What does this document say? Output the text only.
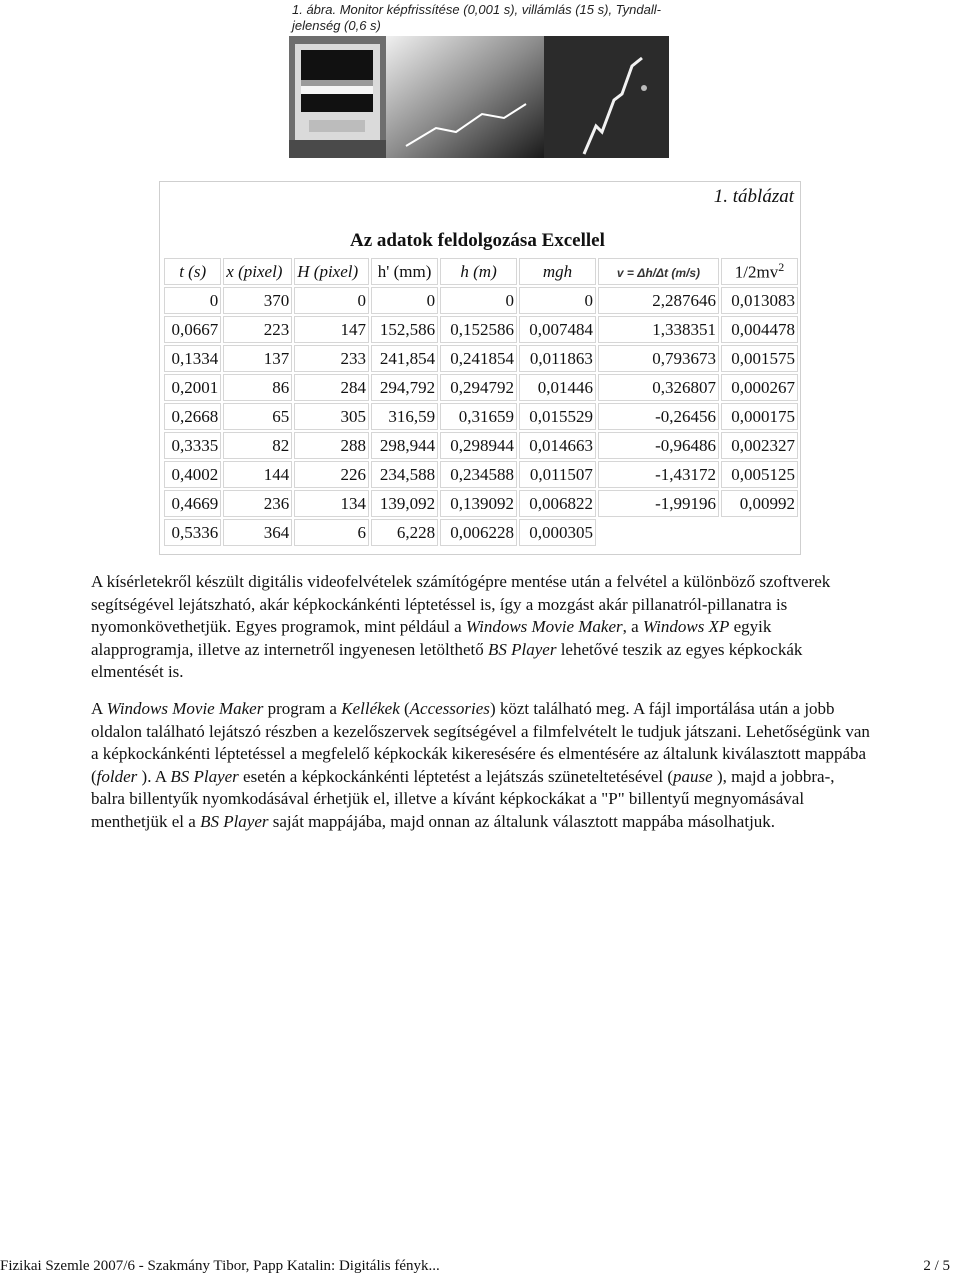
1. ábra. Monitor képfrissítése (0,001 s), villámlás (15 s), Tyndall-
jelenség (0,6 s)
1. táblázat
Az adatok feldolgozása Excellel
t (s)	x (pixel)	H (pixel)	h' (mm)	h (m)	mgh	v = Δh/Δt (m/s)	$1/2mv^2$
0	370	0	0	0	0	2,287646	0,013083
0,0667	223	147	152,586	0,152586	0,007484	1,338351	0,004478
0,1334	137	233	241,854	0,241854	0,011863	0,793673	0,001575
0,2001	86	284	294,792	0,294792	0,01446	0,326807	0,000267
0,2668	65	305	316,59	0,31659	0,015529	-0,26456	0,000175
0,3335	82	288	298,944	0,298944	0,014663	-0,96486	0,002327
0,4002	144	226	234,588	0,234588	0,011507	-1,43172	0,005125
0,4669	236	134	139,092	0,139092	0,006822	-1,99196	0,00992
0,5336	364	6	6,228	0,006228	0,000305		

A kísérletekről készült digitális videofelvételek számítógépre mentése után a felvétel a különböző szoftverek segítségével lejátszható, akár képkockánkénti léptetéssel is, így a mozgást akár pillanatról-pillanatra is nyomonkövethetjük. Egyes programok, mint például a Windows Movie Maker, a Windows XP egyik alapprogramja, illetve az internetről ingyenesen letölthető BS Player lehetővé teszik az egyes képkockák elmentését is.

A Windows Movie Maker program a Kellékek (Accessories) közt található meg. A fájl importálása után a jobb oldalon található lejátszó részben a kezelőszervek segítségével a filmfelvételt le tudjuk játszani. Lehetőségünk van a képkockánkénti léptetéssel a megfelelő képkockák kikeresésére és elmentésére az általunk kiválasztott mappába (folder ). A BS Player esetén a képkockánkénti léptetést a lejátszás szüneteltetésével (pause ), majd a jobbra-, balra billentyűk nyomkodásával érhetjük el, illetve a kívánt képkockákat a "P" billentyű megnyomásával menthetjük el a BS Player saját mappájába, majd onnan az általunk választott mappába másolhatjuk.

Fizikai Szemle 2007/6 - Szakmány Tibor, Papp Katalin: Digitális fényk...	2 / 5
